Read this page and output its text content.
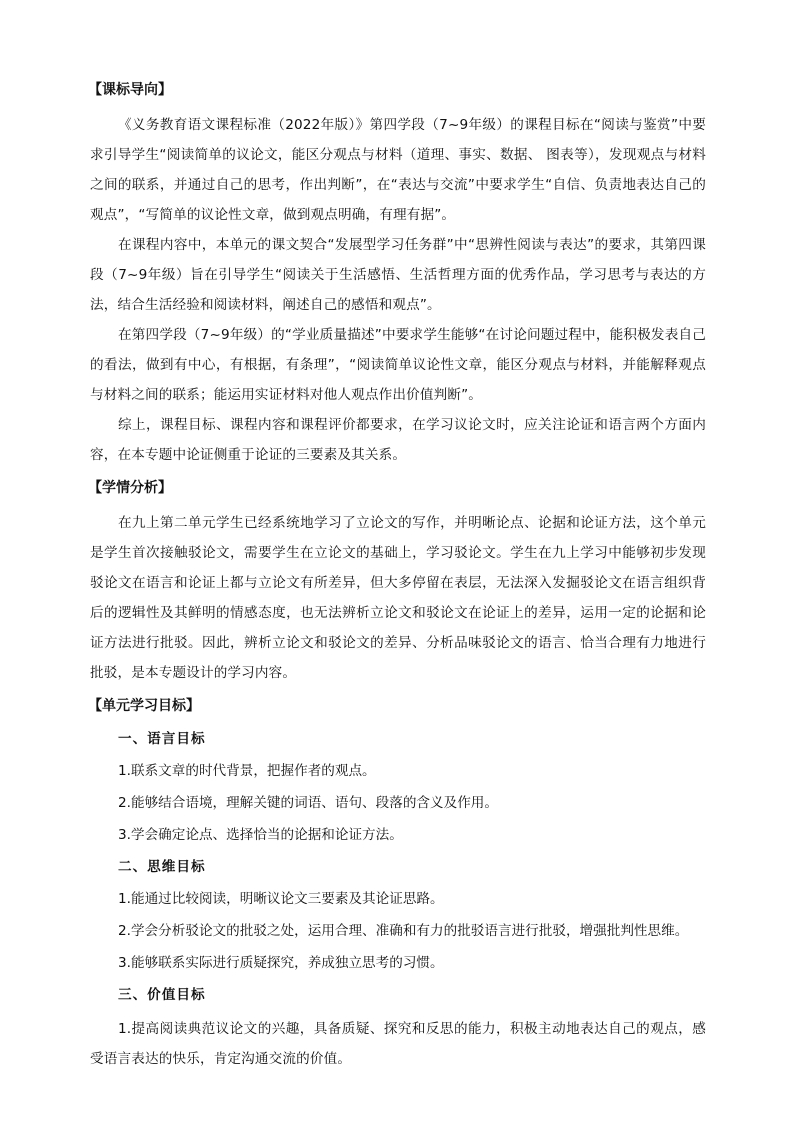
【课标导向】

《义务教育语文课程标准（2022年版）》第四学段（7~9年级）的课程目标在“阅读与鉴赏”中要求引导学生“阅读简单的议论文，能区分观点与材料（道理、事实、数据、 图表等），发现观点与材料之间的联系，并通过自己的思考，作出判断”，在“表达与交流”中要求学生“自信、负责地表达自己的观点”，“写简单的议论性文章，做到观点明确，有理有据”。

在课程内容中，本单元的课文契合“发展型学习任务群”中“思辨性阅读与表达”的要求，其第四课段（7~9年级）旨在引导学生“阅读关于生活感悟、生活哲理方面的优秀作品，学习思考与表达的方法，结合生活经验和阅读材料，阐述自己的感悟和观点”。

在第四学段（7~9年级）的“学业质量描述”中要求学生能够“在讨论问题过程中，能积极发表自己的看法，做到有中心，有根据，有条理”，“阅读简单议论性文章，能区分观点与材料，并能解释观点与材料之间的联系；能运用实证材料对他人观点作出价值判断”。

综上，课程目标、课程内容和课程评价都要求，在学习议论文时，应关注论证和语言两个方面内容，在本专题中论证侧重于论证的三要素及其关系。

【学情分析】

在九上第二单元学生已经系统地学习了立论文的写作，并明晰论点、论据和论证方法，这个单元是学生首次接触驳论文，需要学生在立论文的基础上，学习驳论文。学生在九上学习中能够初步发现驳论文在语言和论证上都与立论文有所差异，但大多停留在表层，无法深入发掘驳论文在语言组织背后的逻辑性及其鲜明的情感态度，也无法辨析立论文和驳论文在论证上的差异，运用一定的论据和论证方法进行批驳。因此，辨析立论文和驳论文的差异、分析品味驳论文的语言、恰当合理有力地进行批驳，是本专题设计的学习内容。

【单元学习目标】
一、语言目标
1.联系文章的时代背景，把握作者的观点。
2.能够结合语境，理解关键的词语、语句、段落的含义及作用。
3.学会确定论点、选择恰当的论据和论证方法。
二、思维目标
1.能通过比较阅读，明晰议论文三要素及其论证思路。
2.学会分析驳论文的批驳之处，运用合理、准确和有力的批驳语言进行批驳，增强批判性思维。
3.能够联系实际进行质疑探究，养成独立思考的习惯。
三、价值目标

1.提高阅读典范议论文的兴趣，具备质疑、探究和反思的能力，积极主动地表达自己的观点，感受语言表达的快乐，肯定沟通交流的价值。
